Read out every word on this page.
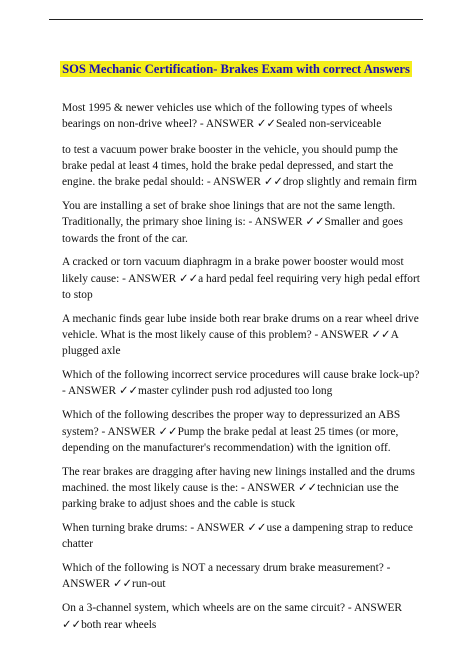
SOS Mechanic Certification- Brakes Exam with correct Answers

Most 1995 & newer vehicles use which of the following types of wheels bearings on non-drive wheel? - ANSWER ✓✓Sealed non-serviceable

to test a vacuum power brake booster in the vehicle, you should pump the brake pedal at least 4 times, hold the brake pedal depressed, and start the engine. the brake pedal should: - ANSWER ✓✓drop slightly and remain firm

You are installing a set of brake shoe linings that are not the same length. Traditionally, the primary shoe lining is: - ANSWER ✓✓Smaller and goes towards the front of the car.

A cracked or torn vacuum diaphragm in a brake power booster would most likely cause: - ANSWER ✓✓a hard pedal feel requiring very high pedal effort to stop

A mechanic finds gear lube inside both rear brake drums on a rear wheel drive vehicle. What is the most likely cause of this problem? - ANSWER ✓✓A plugged axle

Which of the following incorrect service procedures will cause brake lock-up? - ANSWER ✓✓master cylinder push rod adjusted too long

Which of the following describes the proper way to depressurized an ABS system? - ANSWER ✓✓Pump the brake pedal at least 25 times (or more, depending on the manufacturer's recommendation) with the ignition off.

The rear brakes are dragging after having new linings installed and the drums machined. the most likely cause is the: - ANSWER ✓✓technician use the parking brake to adjust shoes and the cable is stuck

When turning brake drums: - ANSWER ✓✓use a dampening strap to reduce chatter

Which of the following is NOT a necessary drum brake measurement? - ANSWER ✓✓run-out

On a 3-channel system, which wheels are on the same circuit? - ANSWER ✓✓both rear wheels
